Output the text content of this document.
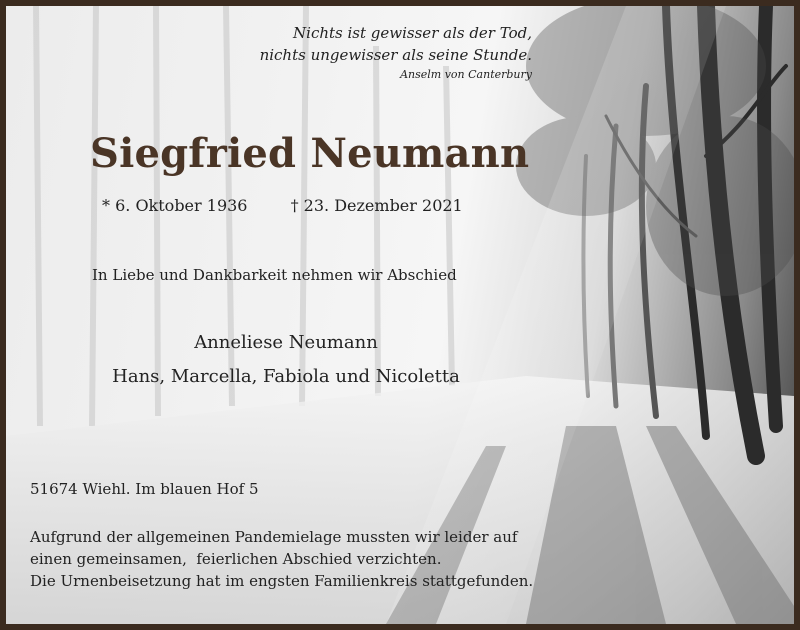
Nichts ist gewisser als der Tod,
nichts ungewisser als seine Stunde.
Anselm von Canterbury
Siegfried Neumann
* 6. Oktober 1936	† 23. Dezember 2021
In Liebe und Dankbarkeit nehmen wir Abschied
Anneliese Neumann
Hans, Marcella, Fabiola und Nicoletta
51674 Wiehl. Im blauen Hof 5
Aufgrund der allgemeinen Pandemielage mussten wir leider auf
einen gemeinsamen,  feierlichen Abschied verzichten.
Die Urnenbeisetzung hat im engsten Familienkreis stattgefunden.
